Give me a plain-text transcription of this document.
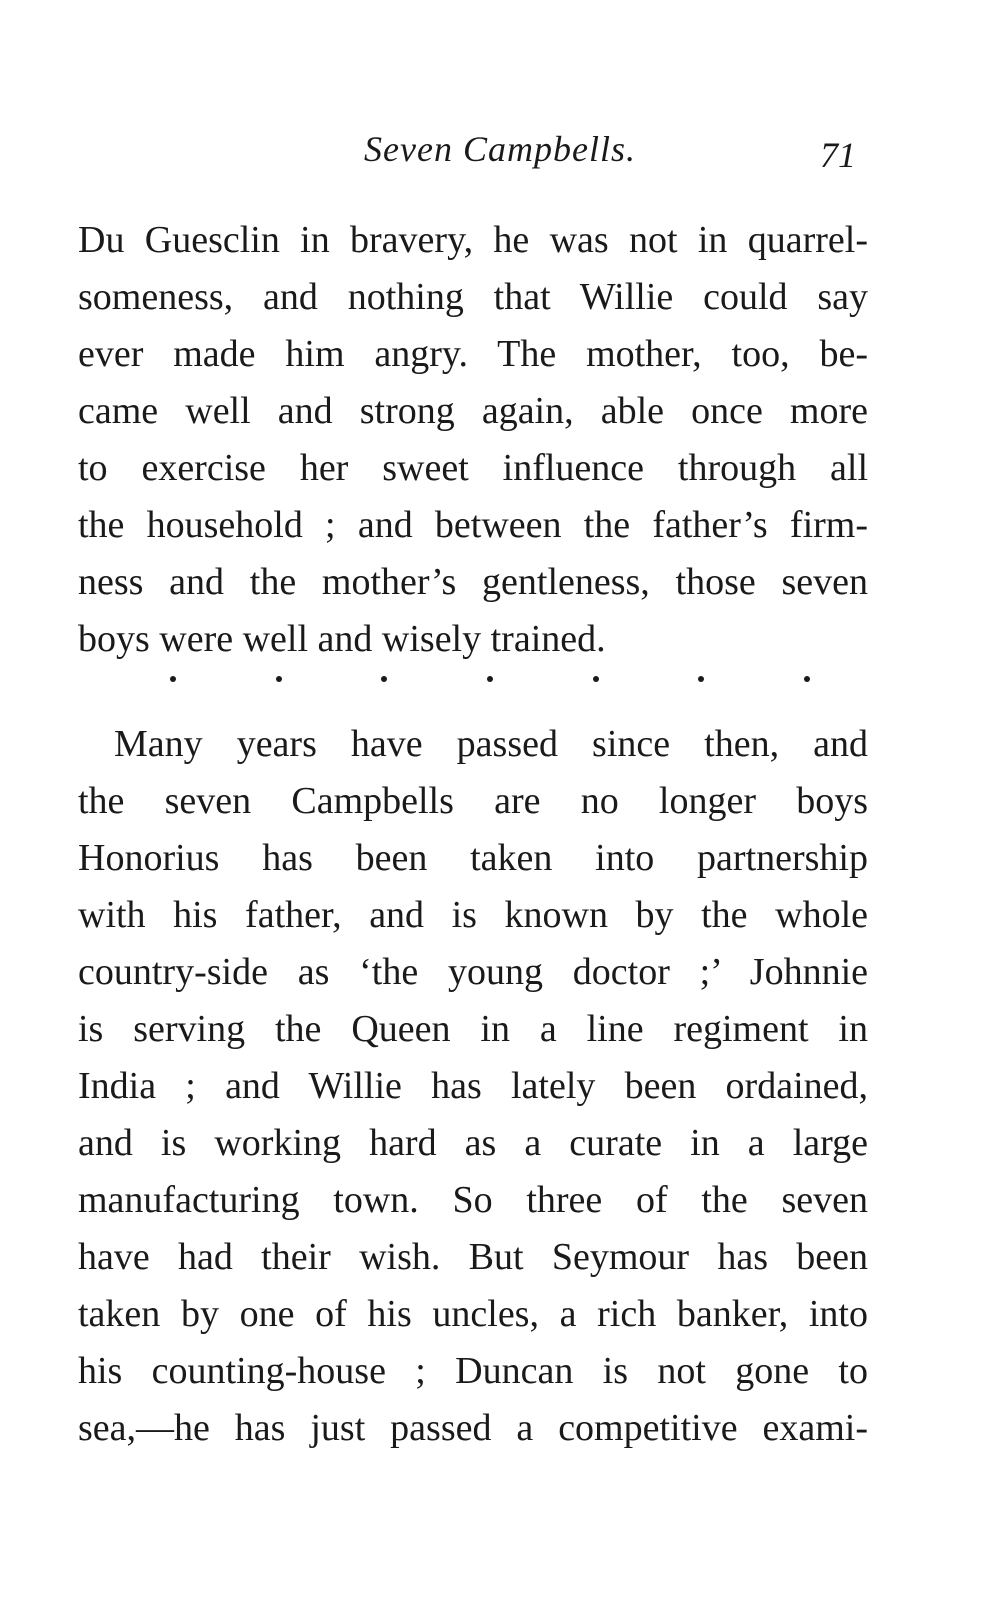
Seven Campbells.	71
Du Guesclin in bravery, he was not in quarrel-
someness, and nothing that Willie could say
ever made him angry. The mother, too, be-
came well and strong again, able once more
to exercise her sweet influence through all
the household ; and between the father’s firm-
ness and the mother’s gentleness, those seven
boys were well and wisely trained.
Many years have passed since then, and
the seven Campbells are no longer boys
Honorius has been taken into partnership
with his father, and is known by the whole
country-side as ‘the young doctor ;’ Johnnie
is serving the Queen in a line regiment in
India ; and Willie has lately been ordained,
and is working hard as a curate in a large
manufacturing town. So three of the seven
have had their wish. But Seymour has been
taken by one of his uncles, a rich banker, into
his counting-house ; Duncan is not gone to
sea,—he has just passed a competitive exami-
